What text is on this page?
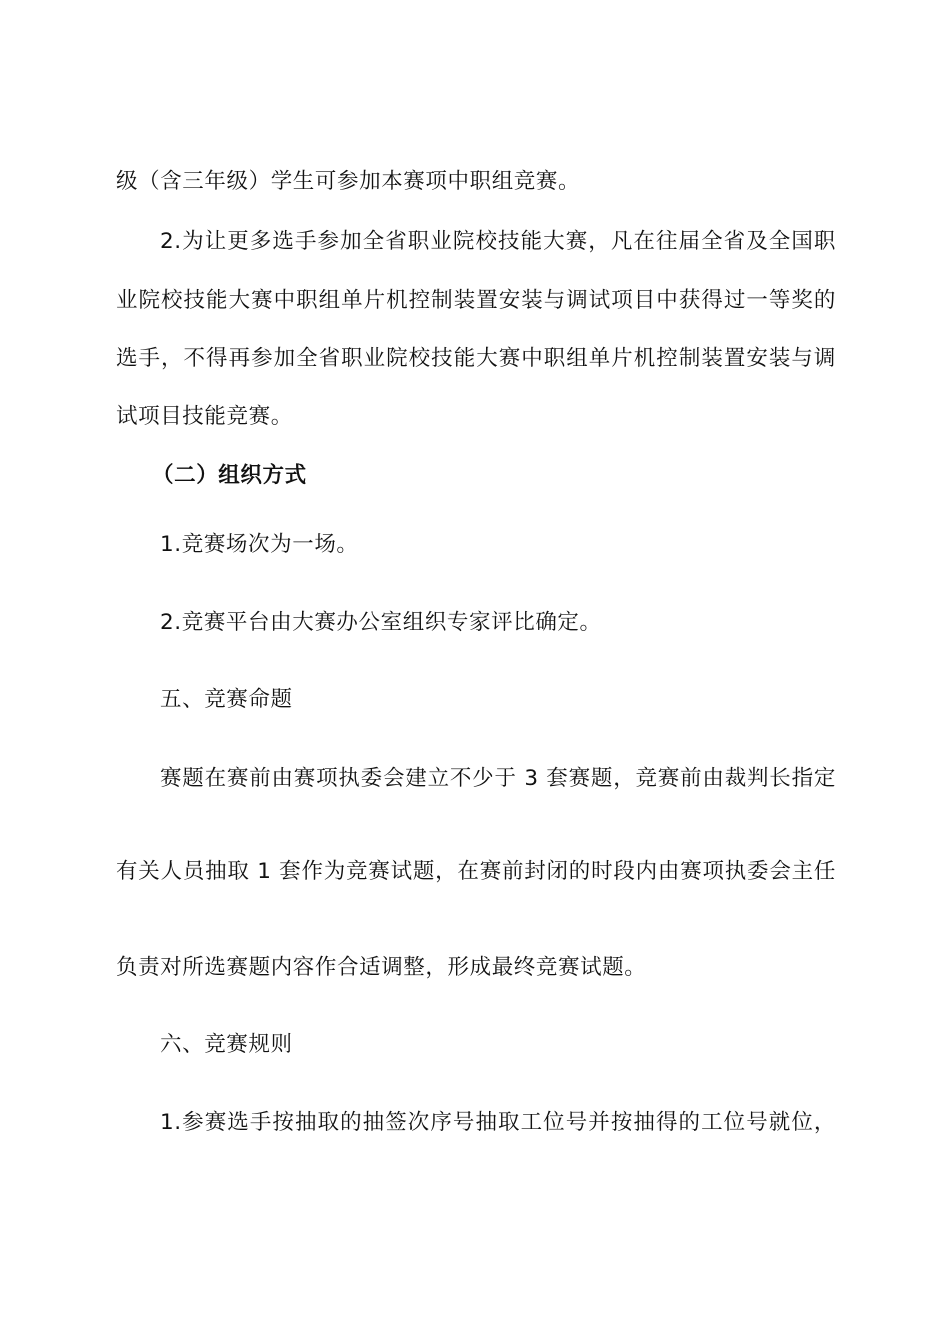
级（含三年级）学生可参加本赛项中职组竞赛。
2.为让更多选手参加全省职业院校技能大赛，凡在往届全省及全国职
业院校技能大赛中职组单片机控制装置安装与调试项目中获得过一等奖的
选手，不得再参加全省职业院校技能大赛中职组单片机控制装置安装与调
试项目技能竞赛。
（二）组织方式
1.竞赛场次为一场。
2.竞赛平台由大赛办公室组织专家评比确定。
五、竞赛命题
赛题在赛前由赛项执委会建立不少于 3 套赛题，竞赛前由裁判长指定
有关人员抽取 1 套作为竞赛试题，在赛前封闭的时段内由赛项执委会主任
负责对所选赛题内容作合适调整，形成最终竞赛试题。
六、竞赛规则
1.参赛选手按抽取的抽签次序号抽取工位号并按抽得的工位号就位，
